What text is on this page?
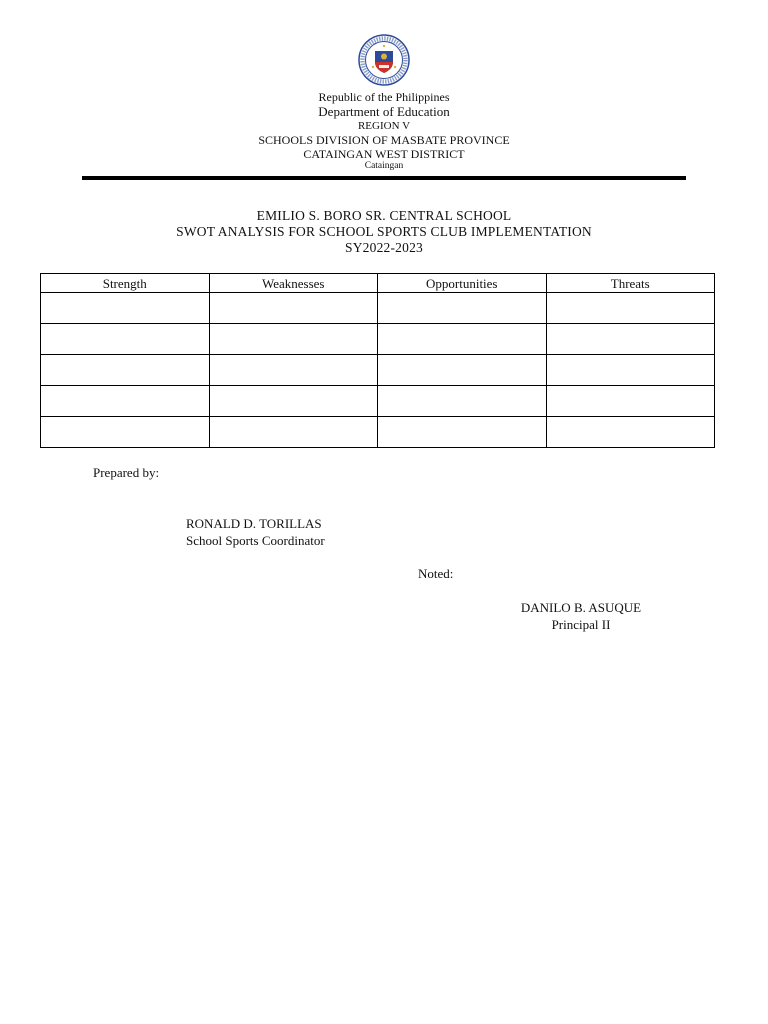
Republic of the Philippines
Department of Education
REGION V
SCHOOLS DIVISION OF MASBATE PROVINCE
CATAINGAN WEST DISTRICT
Cataingan
EMILIO S. BORO SR. CENTRAL SCHOOL
SWOT ANALYSIS FOR SCHOOL SPORTS CLUB IMPLEMENTATION
SY2022-2023
Strength	Weaknesses	Opportunities	Threats

Prepared by:
RONALD D. TORILLAS
School Sports Coordinator
Noted:
DANILO B. ASUQUE
Principal II
